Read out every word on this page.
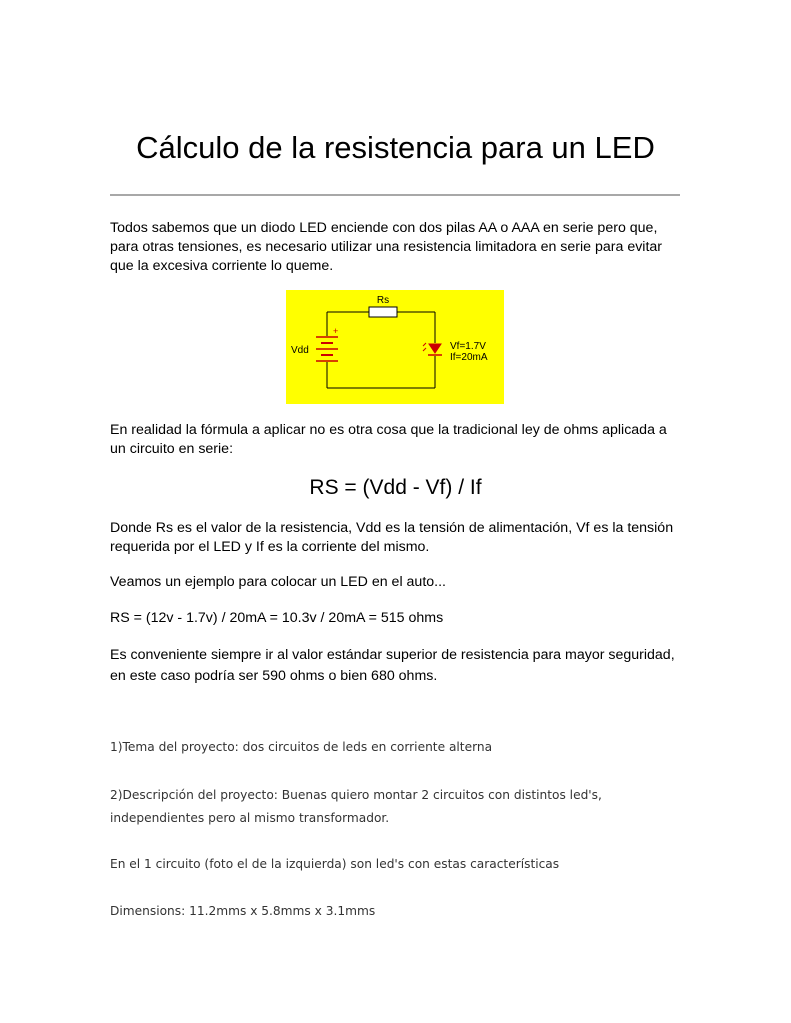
Cálculo de la resistencia para un LED

Todos sabemos que un diodo LED enciende con dos pilas AA o AAA en serie pero que, para otras tensiones, es necesario utilizar una resistencia limitadora en serie para evitar que la excesiva corriente lo queme.

Rs
+
Vdd	Vf=1.7V
If=20mA

En realidad la fórmula a aplicar no es otra cosa que la tradicional ley de ohms aplicada a un circuito en serie:

RS = (Vdd - Vf) / If

Donde Rs es el valor de la resistencia, Vdd es la tensión de alimentación, Vf es la tensión requerida por el LED y If es la corriente del mismo.

Veamos un ejemplo para colocar un LED en el auto...

RS = (12v - 1.7v) / 20mA = 10.3v / 20mA = 515 ohms

Es conveniente siempre ir al valor estándar superior de resistencia para mayor seguridad, en este caso podría ser 590 ohms o bien 680 ohms.

1)Tema del proyecto: dos circuitos de leds en corriente alterna

2)Descripción del proyecto: Buenas quiero montar 2 circuitos con distintos led's, independientes pero al mismo transformador.

En el 1 circuito (foto el de la izquierda) son led's con estas características

Dimensions: 11.2mms x 5.8mms x 3.1mms
